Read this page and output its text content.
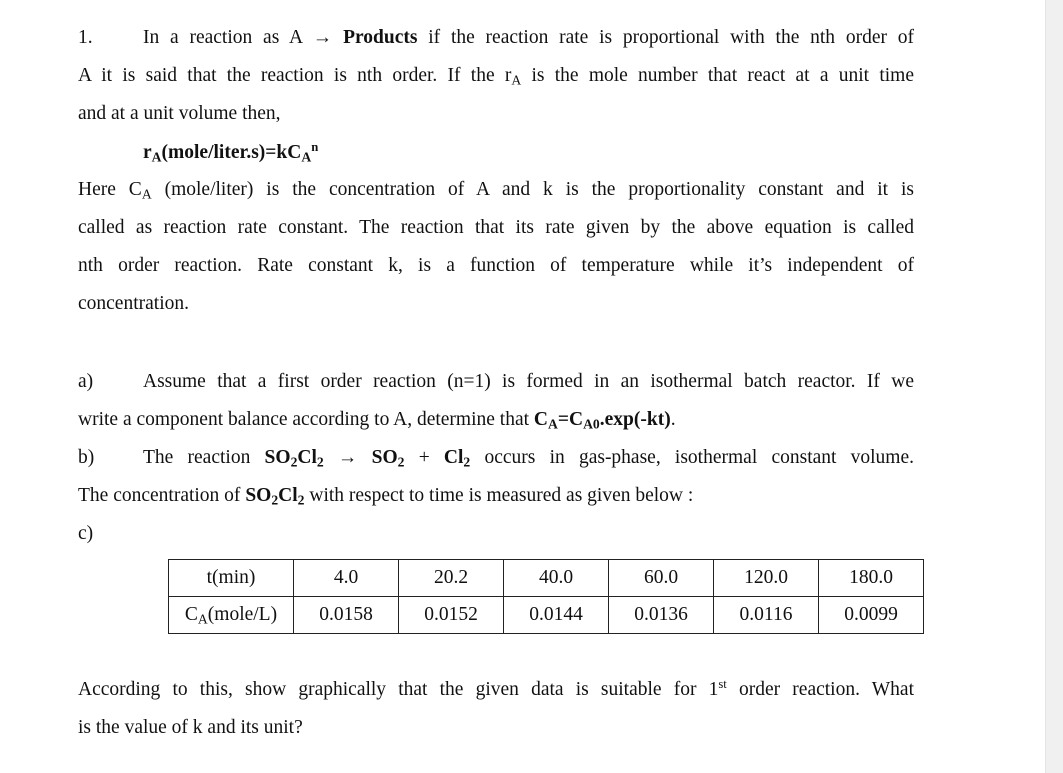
1.	In a reaction as A → Products if the reaction rate is proportional with the nth order of

A it is said that the reaction is nth order. If the $r_A$ is the mole number that react at a unit time

and at a unit volume then,

$r_A(mole/liter.s)=kC_A^n$

Here $C_A$ (mole/liter) is the concentration of A and k is the proportionality constant and it is

called as reaction rate constant. The reaction that its rate given by the above equation is called

nth order reaction. Rate constant k, is a function of temperature while it’s independent of

concentration.

a)	Assume that a first order reaction (n=1) is formed in an isothermal batch reactor. If we

write a component balance according to A, determine that $C_A=C_{A0}.\exp(-kt)$.

b)	The reaction $SO_2Cl_2 \to SO_2 + Cl_2$ occurs in gas-phase, isothermal constant volume.

The concentration of $SO_2Cl_2$ with respect to time is measured as given below :

c)
t(min)	4.0	20.2	40.0	60.0	120.0	180.0
$C_A(mole/L)$	0.0158	0.0152	0.0144	0.0136	0.0116	0.0099

According to this, show graphically that the given data is suitable for 1st order reaction. What

is the value of k and its unit?
